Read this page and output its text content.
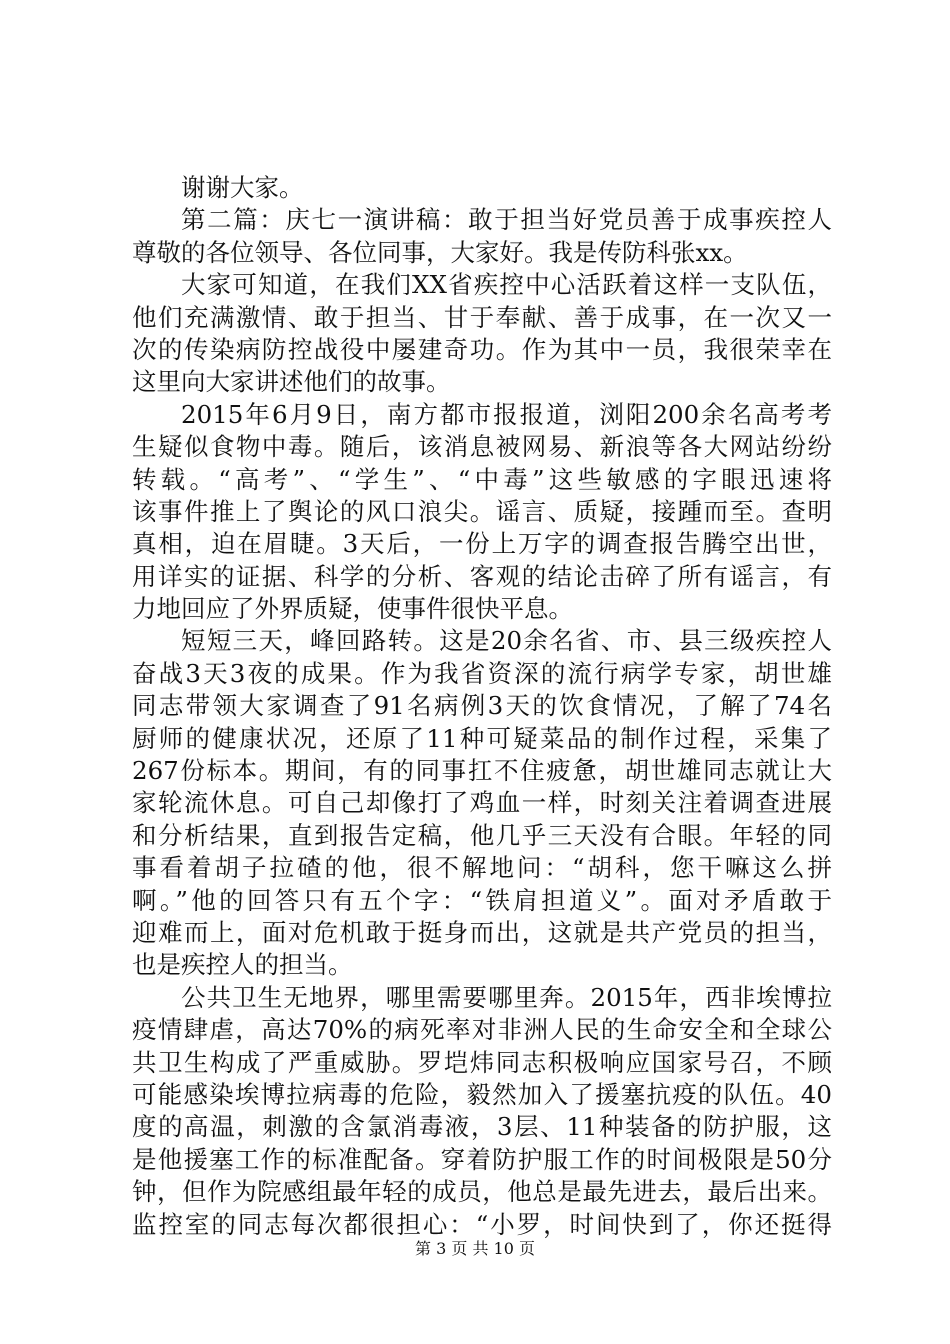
谢谢大家。
第二篇：庆七一演讲稿：敢于担当好党员善于成事疾控人
尊敬的各位领导、各位同事，大家好。我是传防科张xx。
大家可知道，在我们XX省疾控中心活跃着这样一支队伍，
他们充满激情、敢于担当、甘于奉献、善于成事，在一次又一
次的传染病防控战役中屡建奇功。作为其中一员，我很荣幸在
这里向大家讲述他们的故事。
2015年6月9日，南方都市报报道，浏阳200余名高考考
生疑似食物中毒。随后，该消息被网易、新浪等各大网站纷纷
转载。“高考”、“学生”、“中毒”这些敏感的字眼迅速将
该事件推上了舆论的风口浪尖。谣言、质疑，接踵而至。查明
真相，迫在眉睫。3天后，一份上万字的调查报告腾空出世，
用详实的证据、科学的分析、客观的结论击碎了所有谣言，有
力地回应了外界质疑，使事件很快平息。
短短三天，峰回路转。这是20余名省、市、县三级疾控人
奋战3天3夜的成果。作为我省资深的流行病学专家，胡世雄
同志带领大家调查了91名病例3天的饮食情况，了解了74名
厨师的健康状况，还原了11种可疑菜品的制作过程，采集了
267份标本。期间，有的同事扛不住疲惫，胡世雄同志就让大
家轮流休息。可自己却像打了鸡血一样，时刻关注着调查进展
和分析结果，直到报告定稿，他几乎三天没有合眼。年轻的同
事看着胡子拉碴的他，很不解地问：“胡科，您干嘛这么拼
啊。”他的回答只有五个字：“铁肩担道义”。面对矛盾敢于
迎难而上，面对危机敢于挺身而出，这就是共产党员的担当，
也是疾控人的担当。
公共卫生无地界，哪里需要哪里奔。2015年，西非埃博拉
疫情肆虐，高达70%的病死率对非洲人民的生命安全和全球公
共卫生构成了严重威胁。罗垲炜同志积极响应国家号召，不顾
可能感染埃博拉病毒的危险，毅然加入了援塞抗疫的队伍。40
度的高温，刺激的含氯消毒液，3层、11种装备的防护服，这
是他援塞工作的标准配备。穿着防护服工作的时间极限是50分
钟，但作为院感组最年轻的成员，他总是最先进去，最后出来。
监控室的同志每次都很担心：“小罗，时间快到了，你还挺得
第 3 页 共 10 页
